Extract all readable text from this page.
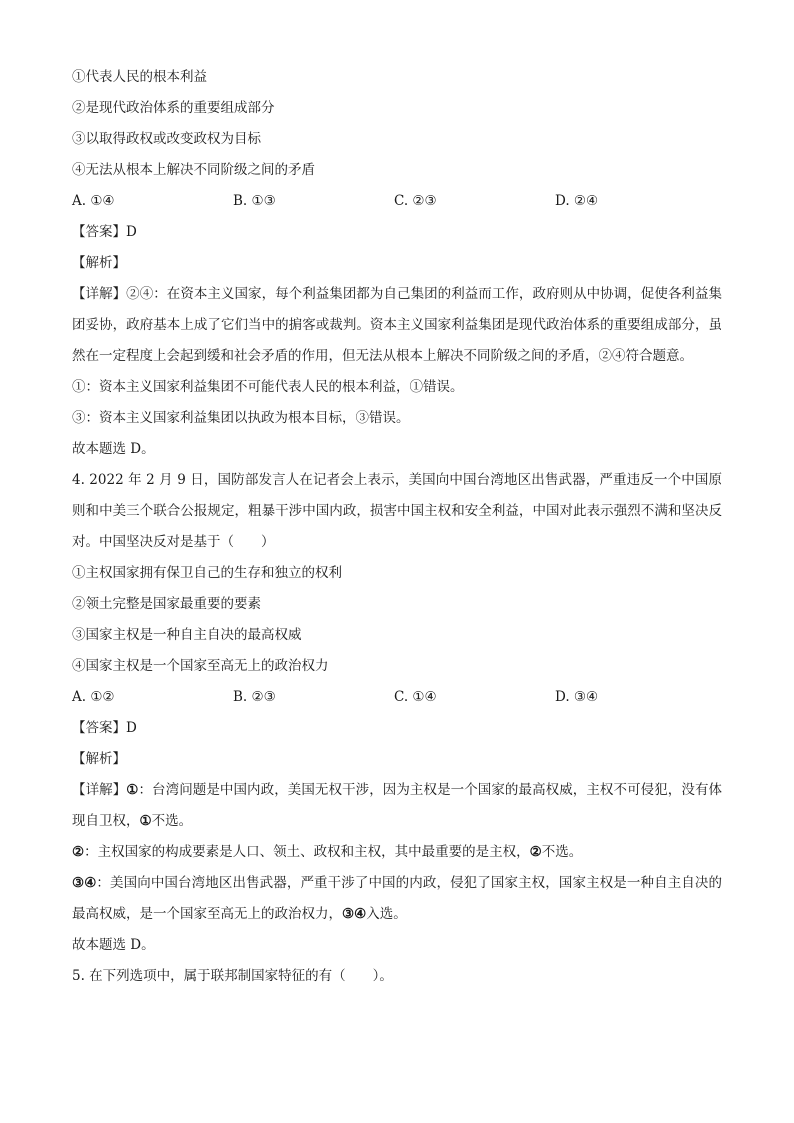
①代表人民的根本利益
②是现代政治体系的重要组成部分
③以取得政权或改变政权为目标
④无法从根本上解决不同阶级之间的矛盾
A. ①④	B. ①③	C. ②③	D. ②④
【答案】D
【解析】
【详解】②④：在资本主义国家，每个利益集团都为自己集团的利益而工作，政府则从中协调，促使各利益集团妥协，政府基本上成了它们当中的掮客或裁判。资本主义国家利益集团是现代政治体系的重要组成部分，虽然在一定程度上会起到缓和社会矛盾的作用，但无法从根本上解决不同阶级之间的矛盾，②④符合题意。
①：资本主义国家利益集团不可能代表人民的根本利益，①错误。
③：资本主义国家利益集团以执政为根本目标，③错误。
故本题选 D。
4. 2022 年 2 月 9 日，国防部发言人在记者会上表示，美国向中国台湾地区出售武器，严重违反一个中国原则和中美三个联合公报规定，粗暴干涉中国内政，损害中国主权和安全利益，中国对此表示强烈不满和坚决反对。中国坚决反对是基于（　　）
①主权国家拥有保卫自己的生存和独立的权利
②领土完整是国家最重要的要素
③国家主权是一种自主自决的最高权威
④国家主权是一个国家至高无上的政治权力
A. ①②	B. ②③	C. ①④	D. ③④
【答案】D
【解析】
【详解】①：台湾问题是中国内政，美国无权干涉，因为主权是一个国家的最高权威，主权不可侵犯，没有体现自卫权，①不选。
②：主权国家的构成要素是人口、领土、政权和主权，其中最重要的是主权，②不选。
③④：美国向中国台湾地区出售武器，严重干涉了中国的内政，侵犯了国家主权，国家主权是一种自主自决的最高权威，是一个国家至高无上的政治权力，③④入选。
故本题选 D。
5. 在下列选项中，属于联邦制国家特征的有（　　）。
